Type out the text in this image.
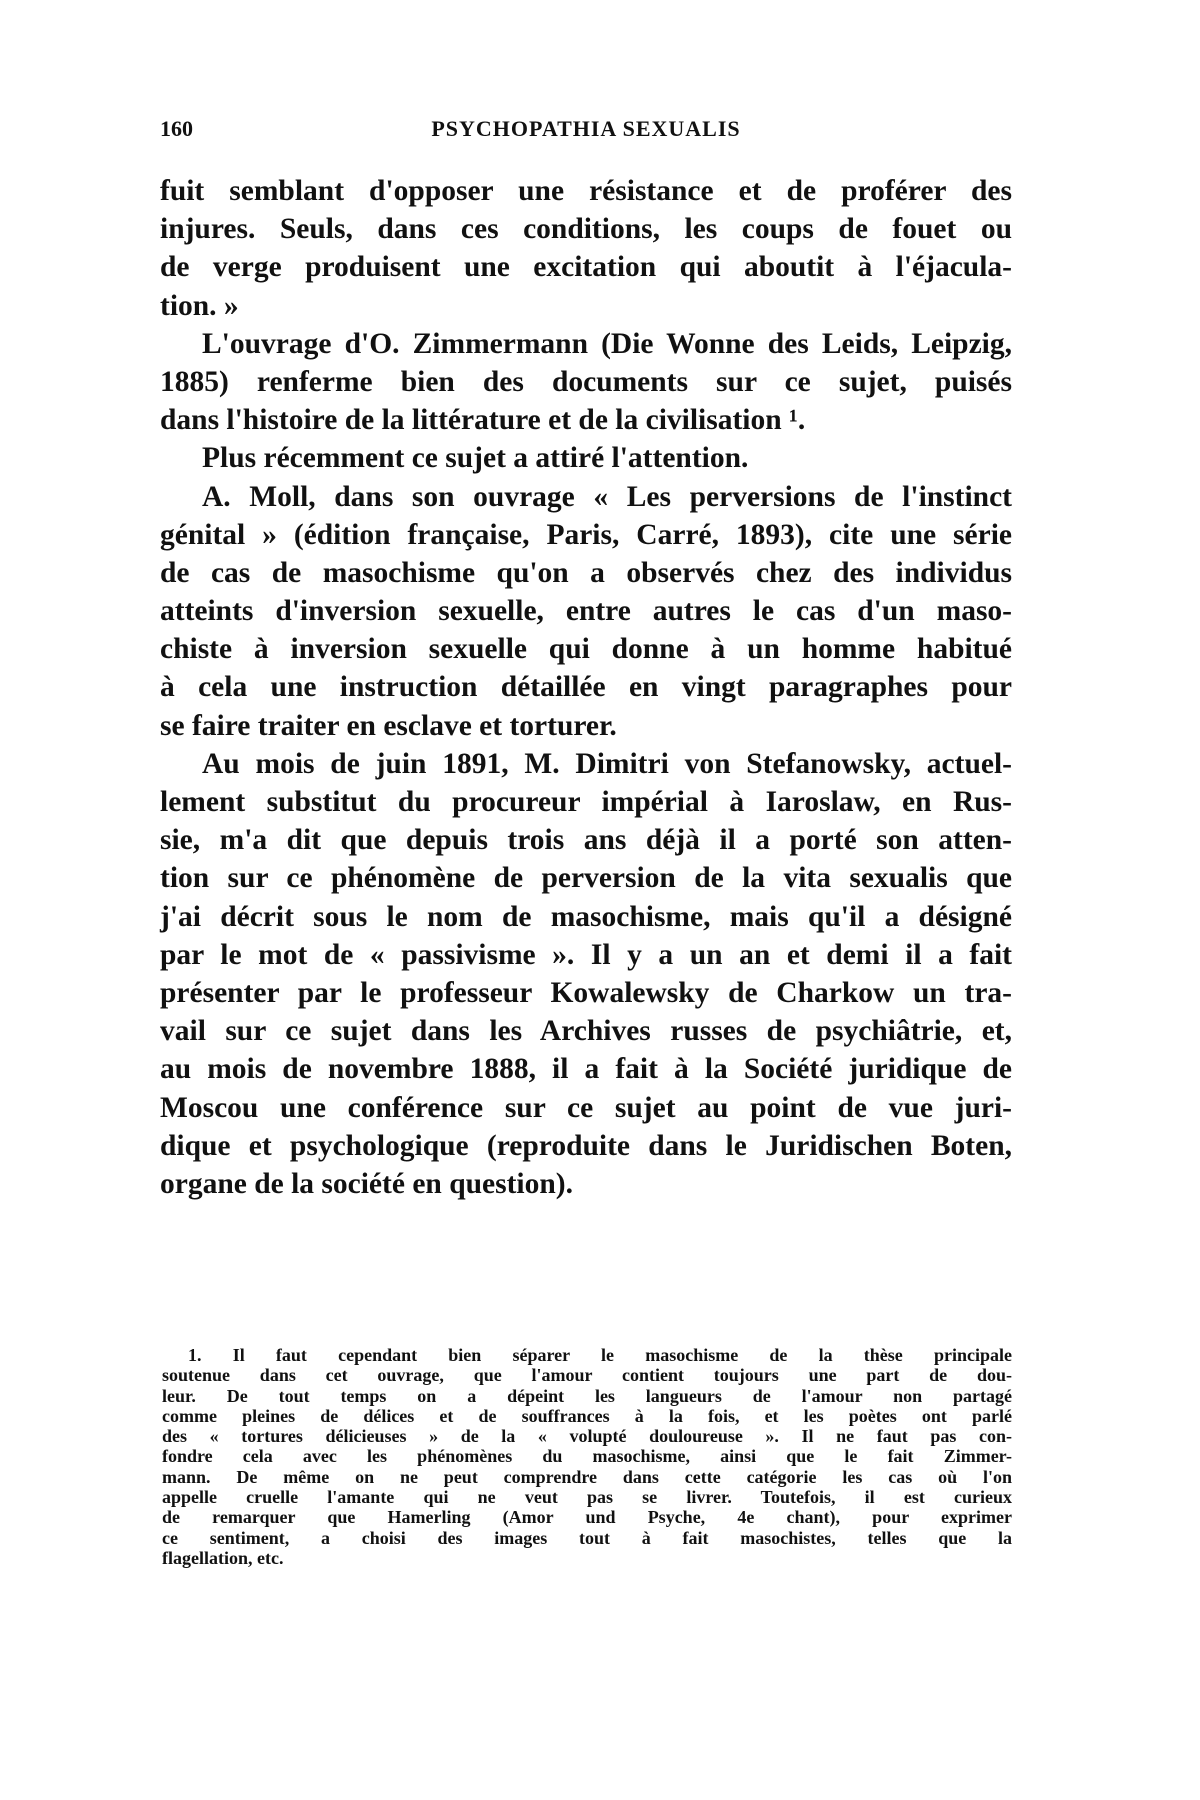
160	PSYCHOPATHIA SEXUALIS
fuit semblant d'opposer une résistance et de proférer des
injures. Seuls, dans ces conditions, les coups de fouet ou
de verge produisent une excitation qui aboutit à l'éjacula-
tion. »
L'ouvrage d'O. Zimmermann (Die Wonne des Leids, Leipzig,
1885) renferme bien des documents sur ce sujet, puisés
dans l'histoire de la littérature et de la civilisation ¹.
Plus récemment ce sujet a attiré l'attention.
A. Moll, dans son ouvrage « Les perversions de l'instinct
génital » (édition française, Paris, Carré, 1893), cite une série
de cas de masochisme qu'on a observés chez des individus
atteints d'inversion sexuelle, entre autres le cas d'un maso-
chiste à inversion sexuelle qui donne à un homme habitué
à cela une instruction détaillée en vingt paragraphes pour
se faire traiter en esclave et torturer.
Au mois de juin 1891, M. Dimitri von Stefanowsky, actuel-
lement substitut du procureur impérial à Iaroslaw, en Rus-
sie, m'a dit que depuis trois ans déjà il a porté son atten-
tion sur ce phénomène de perversion de la vita sexualis que
j'ai décrit sous le nom de masochisme, mais qu'il a désigné
par le mot de « passivisme ». Il y a un an et demi il a fait
présenter par le professeur Kowalewsky de Charkow un tra-
vail sur ce sujet dans les Archives russes de psychiâtrie, et,
au mois de novembre 1888, il a fait à la Société juridique de
Moscou une conférence sur ce sujet au point de vue juri-
dique et psychologique (reproduite dans le Juridischen Boten,
organe de la société en question).
1. Il faut cependant bien séparer le masochisme de la thèse principale
soutenue dans cet ouvrage, que l'amour contient toujours une part de dou-
leur. De tout temps on a dépeint les langueurs de l'amour non partagé
comme pleines de délices et de souffrances à la fois, et les poètes ont parlé
des « tortures délicieuses » de la « volupté douloureuse ». Il ne faut pas con-
fondre cela avec les phénomènes du masochisme, ainsi que le fait Zimmer-
mann. De même on ne peut comprendre dans cette catégorie les cas où l'on
appelle cruelle l'amante qui ne veut pas se livrer. Toutefois, il est curieux
de remarquer que Hamerling (Amor und Psyche, 4e chant), pour exprimer
ce sentiment, a choisi des images tout à fait masochistes, telles que la
flagellation, etc.
